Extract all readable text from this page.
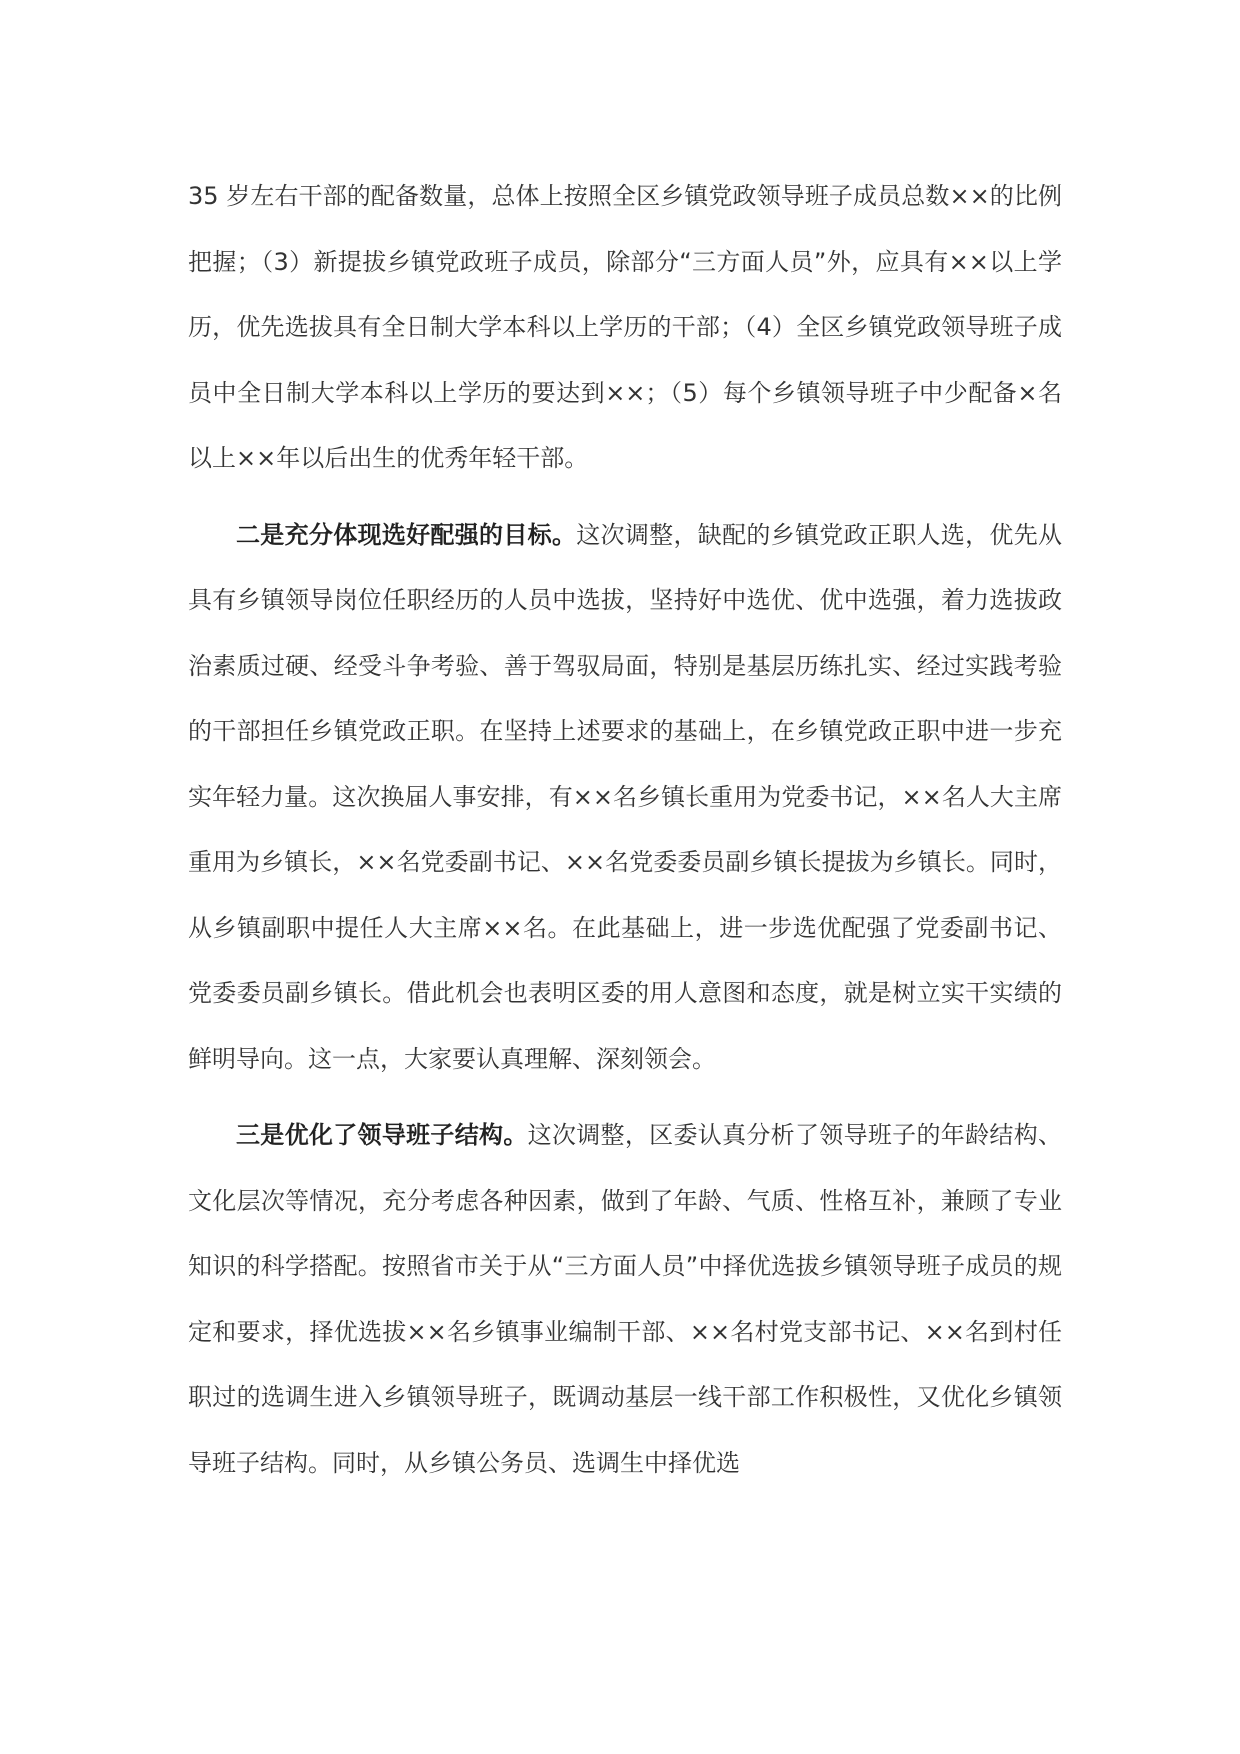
35 岁左右干部的配备数量，总体上按照全区乡镇党政领导班子成员总数××的比例把握；（3）新提拔乡镇党政班子成员，除部分“三方面人员”外，应具有××以上学历，优先选拔具有全日制大学本科以上学历的干部；（4）全区乡镇党政领导班子成员中全日制大学本科以上学历的要达到××；（5）每个乡镇领导班子中少配备×名以上××年以后出生的优秀年轻干部。

二是充分体现选好配强的目标。这次调整，缺配的乡镇党政正职人选，优先从具有乡镇领导岗位任职经历的人员中选拔，坚持好中选优、优中选强，着力选拔政治素质过硬、经受斗争考验、善于驾驭局面，特别是基层历练扎实、经过实践考验的干部担任乡镇党政正职。在坚持上述要求的基础上，在乡镇党政正职中进一步充实年轻力量。这次换届人事安排，有××名乡镇长重用为党委书记，××名人大主席重用为乡镇长，××名党委副书记、××名党委委员副乡镇长提拔为乡镇长。同时，从乡镇副职中提任人大主席××名。在此基础上，进一步选优配强了党委副书记、党委委员副乡镇长。借此机会也表明区委的用人意图和态度，就是树立实干实绩的鲜明导向。这一点，大家要认真理解、深刻领会。

三是优化了领导班子结构。这次调整，区委认真分析了领导班子的年龄结构、文化层次等情况，充分考虑各种因素，做到了年龄、气质、性格互补，兼顾了专业知识的科学搭配。按照省市关于从“三方面人员”中择优选拔乡镇领导班子成员的规定和要求，择优选拔××名乡镇事业编制干部、××名村党支部书记、××名到村任职过的选调生进入乡镇领导班子，既调动基层一线干部工作积极性，又优化乡镇领导班子结构。同时，从乡镇公务员、选调生中择优选
